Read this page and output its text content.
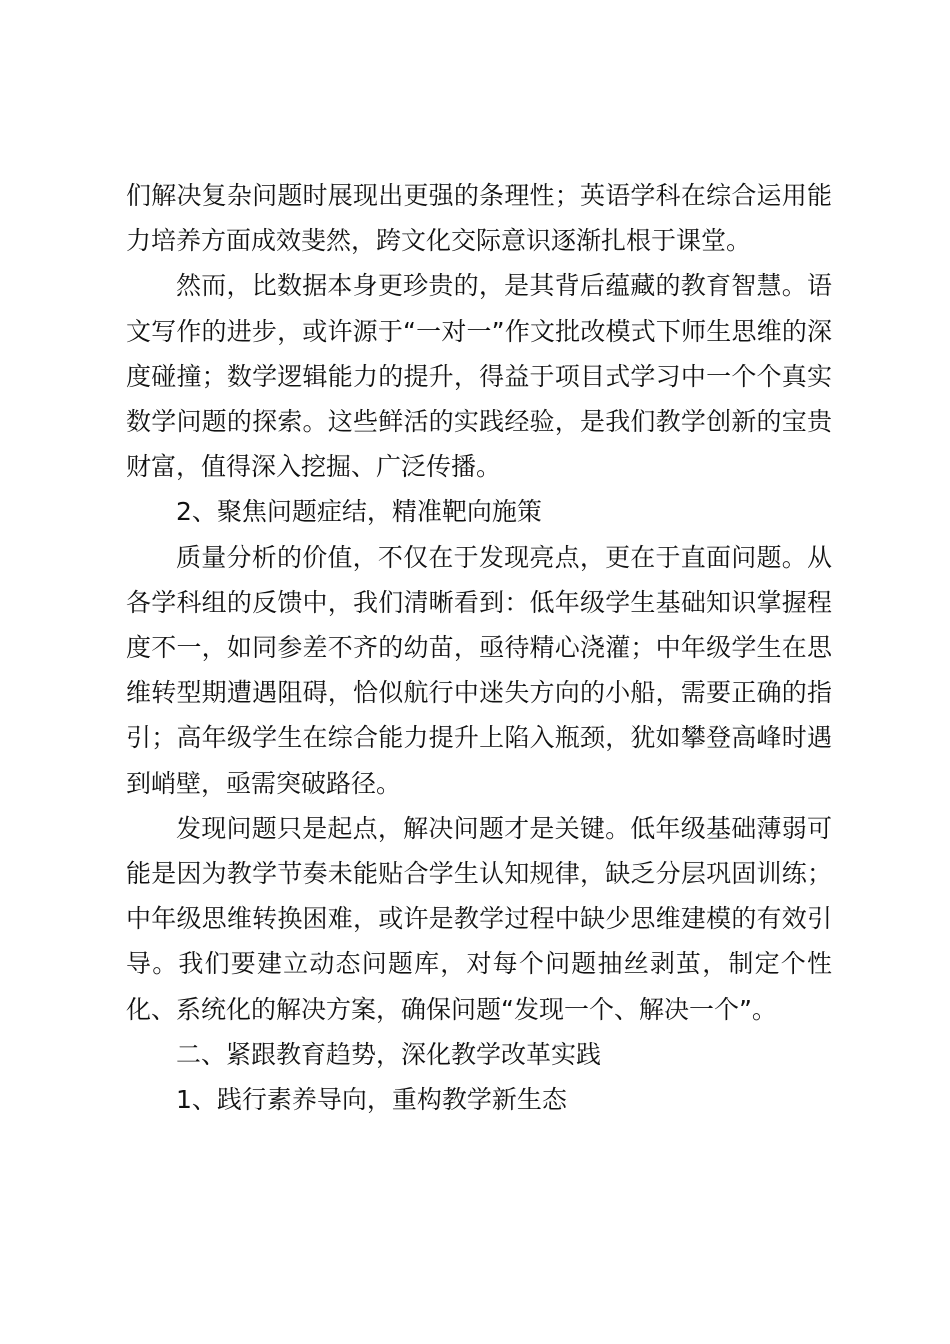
们解决复杂问题时展现出更强的条理性；英语学科在综合运用能力培养方面成效斐然，跨文化交际意识逐渐扎根于课堂。

然而，比数据本身更珍贵的，是其背后蕴藏的教育智慧。语文写作的进步，或许源于“一对一”作文批改模式下师生思维的深度碰撞；数学逻辑能力的提升，得益于项目式学习中一个个真实数学问题的探索。这些鲜活的实践经验，是我们教学创新的宝贵财富，值得深入挖掘、广泛传播。

2、聚焦问题症结，精准靶向施策

质量分析的价值，不仅在于发现亮点，更在于直面问题。从各学科组的反馈中，我们清晰看到：低年级学生基础知识掌握程度不一，如同参差不齐的幼苗，亟待精心浇灌；中年级学生在思维转型期遭遇阻碍，恰似航行中迷失方向的小船，需要正确的指引；高年级学生在综合能力提升上陷入瓶颈，犹如攀登高峰时遇到峭壁，亟需突破路径。

发现问题只是起点，解决问题才是关键。低年级基础薄弱可能是因为教学节奏未能贴合学生认知规律，缺乏分层巩固训练；中年级思维转换困难，或许是教学过程中缺少思维建模的有效引导。我们要建立动态问题库，对每个问题抽丝剥茧，制定个性化、系统化的解决方案，确保问题“发现一个、解决一个”。

二、紧跟教育趋势，深化教学改革实践

1、践行素养导向，重构教学新生态
